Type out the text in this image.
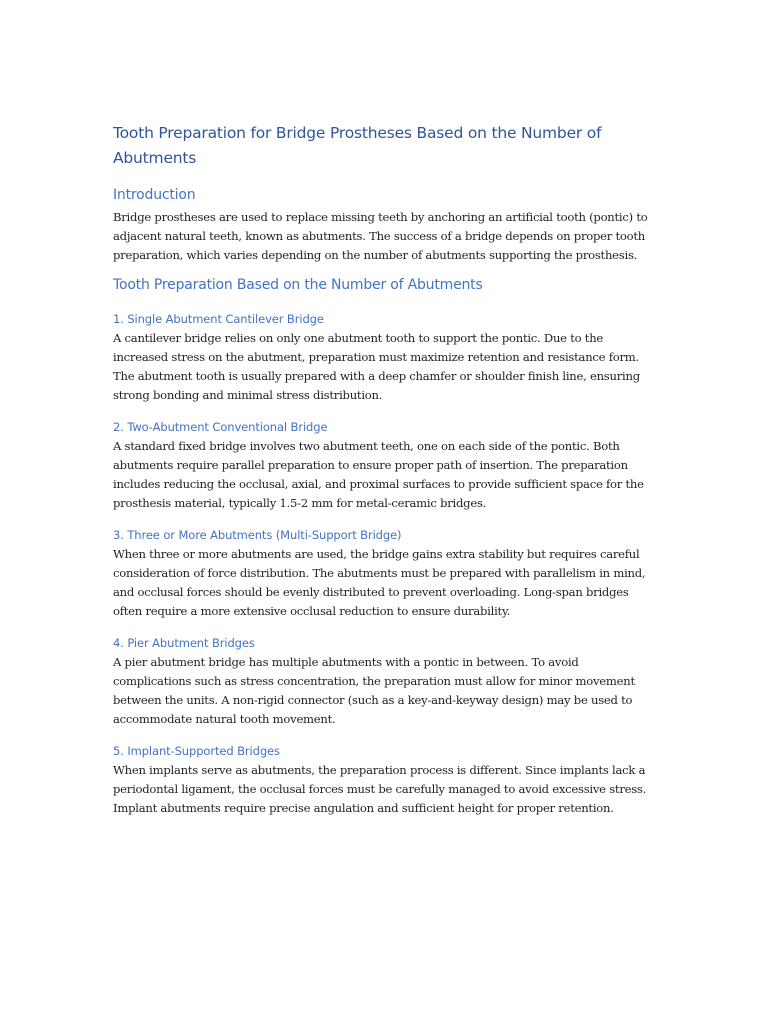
Tooth Preparation for Bridge Prostheses Based on the Number of Abutments
Introduction

Bridge prostheses are used to replace missing teeth by anchoring an artificial tooth (pontic) to adjacent natural teeth, known as abutments. The success of a bridge depends on proper tooth preparation, which varies depending on the number of abutments supporting the prosthesis.

Tooth Preparation Based on the Number of Abutments
1. Single Abutment Cantilever Bridge

A cantilever bridge relies on only one abutment tooth to support the pontic. Due to the increased stress on the abutment, preparation must maximize retention and resistance form. The abutment tooth is usually prepared with a deep chamfer or shoulder finish line, ensuring strong bonding and minimal stress distribution.

2. Two-Abutment Conventional Bridge

A standard fixed bridge involves two abutment teeth, one on each side of the pontic. Both abutments require parallel preparation to ensure proper path of insertion. The preparation includes reducing the occlusal, axial, and proximal surfaces to provide sufficient space for the prosthesis material, typically 1.5-2 mm for metal-ceramic bridges.

3. Three or More Abutments (Multi-Support Bridge)

When three or more abutments are used, the bridge gains extra stability but requires careful consideration of force distribution. The abutments must be prepared with parallelism in mind, and occlusal forces should be evenly distributed to prevent overloading. Long-span bridges often require a more extensive occlusal reduction to ensure durability.

4. Pier Abutment Bridges

A pier abutment bridge has multiple abutments with a pontic in between. To avoid complications such as stress concentration, the preparation must allow for minor movement between the units. A non-rigid connector (such as a key-and-keyway design) may be used to accommodate natural tooth movement.

5. Implant-Supported Bridges

When implants serve as abutments, the preparation process is different. Since implants lack a periodontal ligament, the occlusal forces must be carefully managed to avoid excessive stress. Implant abutments require precise angulation and sufficient height for proper retention.
